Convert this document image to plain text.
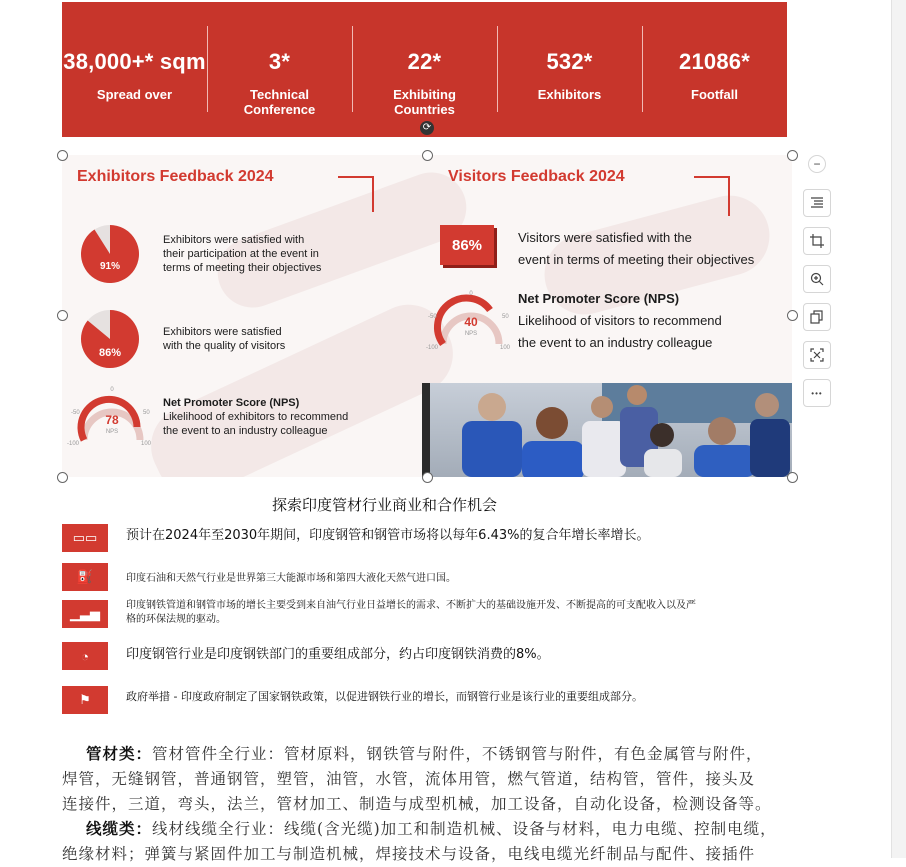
38,000+* sqm
Spread over
3*
Technical
Conference
22*
Exhibiting
Countries
532*
Exhibitors
21086*
Footfall
⟳
Exhibitors Feedback 2024	Visitors Feedback 2024
91%
Exhibitors were satisfied with
their participation at the event in
terms of meeting their objectives
86%
Exhibitors were satisfied
with the quality of visitors
0
-50	50
-100	100
78
NPS
Net Promoter Score (NPS)
Likelihood of exhibitors to recommend
the event to an industry colleague
86%	Visitors were satisfied with the
event in terms of meeting their objectives
0
-50	50
-100	100
40
NPS
Net Promoter Score (NPS)
Likelihood of visitors to recommend
the event to an industry colleague
−
•••
探索印度管材行业商业和合作机会
▭▭	预计在2024年至2030年期间，印度钢管和钢管市场将以每年6.43%的复合年增长率增长。
⛽	印度石油和天然气行业是世界第三大能源市场和第四大液化天然气进口国。
▁▃▅
印度钢铁管道和钢管市场的增长主要受到来自油气行业日益增长的需求、不断扩大的基础设施开发、不断提高的可支配收入以及严
格的环保法规的驱动。
◔	印度钢管行业是印度钢铁部门的重要组成部分，约占印度钢铁消费的8%。
⚑	政府举措 - 印度政府制定了国家钢铁政策，以促进钢铁行业的增长，而钢管行业是该行业的重要组成部分。
管材类：管材管件全行业：管材原料，钢铁管与附件，不锈钢管与附件，有色金属管与附件，
焊管，无缝钢管，普通钢管，塑管，油管，水管，流体用管，燃气管道，结构管，管件，接头及
连接件，三道，弯头，法兰，管材加工、制造与成型机械，加工设备，自动化设备，检测设备等。
线缆类：线材线缆全行业：线缆(含光缆)加工和制造机械、设备与材料，电力电缆、控制电缆，
绝缘材料；弹簧与紧固件加工与制造机械，焊接技术与设备，电线电缆光纤制品与配件、接插件
